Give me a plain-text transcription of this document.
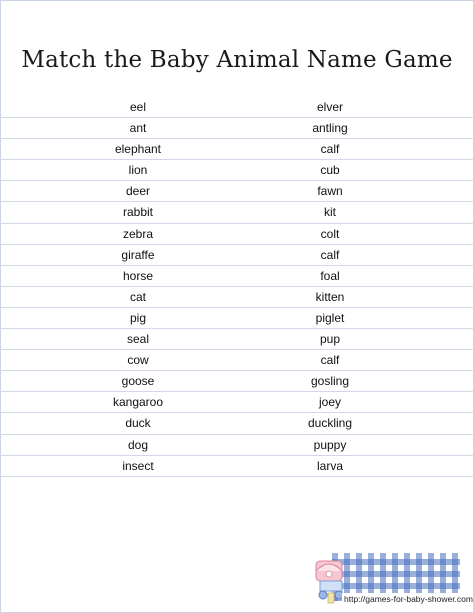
Match the Baby Animal Name Game
eel	elver
ant	antling
elephant	calf
lion	cub
deer	fawn
rabbit	kit
zebra	colt
giraffe	calf
horse	foal
cat	kitten
pig	piglet
seal	pup
cow	calf
goose	gosling
kangaroo	joey
duck	duckling
dog	puppy
insect	larva
http://games-for-baby-shower.com
